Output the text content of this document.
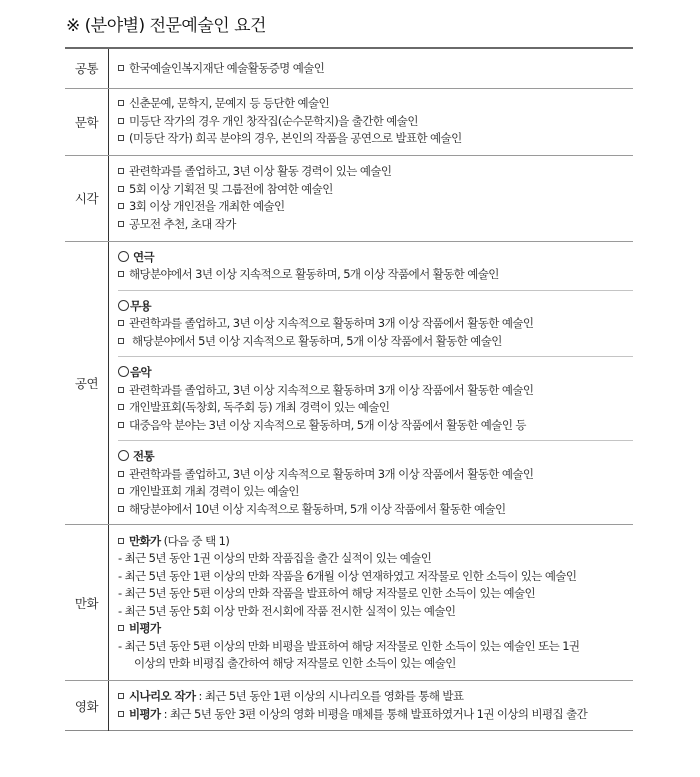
※ (분야별) 전문예술인 요건
공통	한국예술인복지재단 예술활동증명 예술인

문학	신춘문예, 문학지, 문예지 등 등단한 예술인
미등단 작가의 경우 개인 창작집(순수문학지)을 출간한 예술인
(미등단 작가) 희곡 분야의 경우, 본인의 작품을 공연으로 발표한 예술인

시각	관련학과를 졸업하고, 3년 이상 활동 경력이 있는 예술인
5회 이상 기획전 및 그룹전에 참여한 예술인
3회 이상 개인전을 개최한 예술인
공모전 추천, 초대 작가

공연	
연극
해당분야에서 3년 이상 지속적으로 활동하며, 5개 이상 작품에서 활동한 예술인
무용
관련학과를 졸업하고, 3년 이상 지속적으로 활동하며 3개 이상 작품에서 활동한 예술인
해당분야에서 5년 이상 지속적으로 활동하며, 5개 이상 작품에서 활동한 예술인
음악
관련학과를 졸업하고, 3년 이상 지속적으로 활동하며 3개 이상 작품에서 활동한 예술인
개인발표회(독창회, 독주회 등) 개최 경력이 있는 예술인
대중음악 분야는 3년 이상 지속적으로 활동하며, 5개 이상 작품에서 활동한 예술인 등
전통
관련학과를 졸업하고, 3년 이상 지속적으로 활동하며 3개 이상 작품에서 활동한 예술인
개인발표회 개최 경력이 있는 예술인
해당분야에서 10년 이상 지속적으로 활동하며, 5개 이상 작품에서 활동한 예술인

만화	
만화가 (다음 중 택 1)
- 최근 5년 동안 1권 이상의 만화 작품집을 출간 실적이 있는 예술인
- 최근 5년 동안 1편 이상의 만화 작품을 6개월 이상 연재하였고 저작물로 인한 소득이 있는 예술인
- 최근 5년 동안 5편 이상의 만화 작품을 발표하여 해당 저작물로 인한 소득이 있는 예술인
- 최근 5년 동안 5회 이상 만화 전시회에 작품 전시한 실적이 있는 예술인
비평가
- 최근 5년 동안 5편 이상의 만화 비평을 발표하여 해당 저작물로 인한 소득이 있는 예술인 또는 1권
이상의 만화 비평집 출간하여 해당 저작물로 인한 소득이 있는 예술인

영화	시나리오 작가 : 최근 5년 동안 1편 이상의 시나리오를 영화를 통해 발표
비평가 : 최근 5년 동안 3편 이상의 영화 비평을 매체를 통해 발표하였거나 1권 이상의 비평집 출간
